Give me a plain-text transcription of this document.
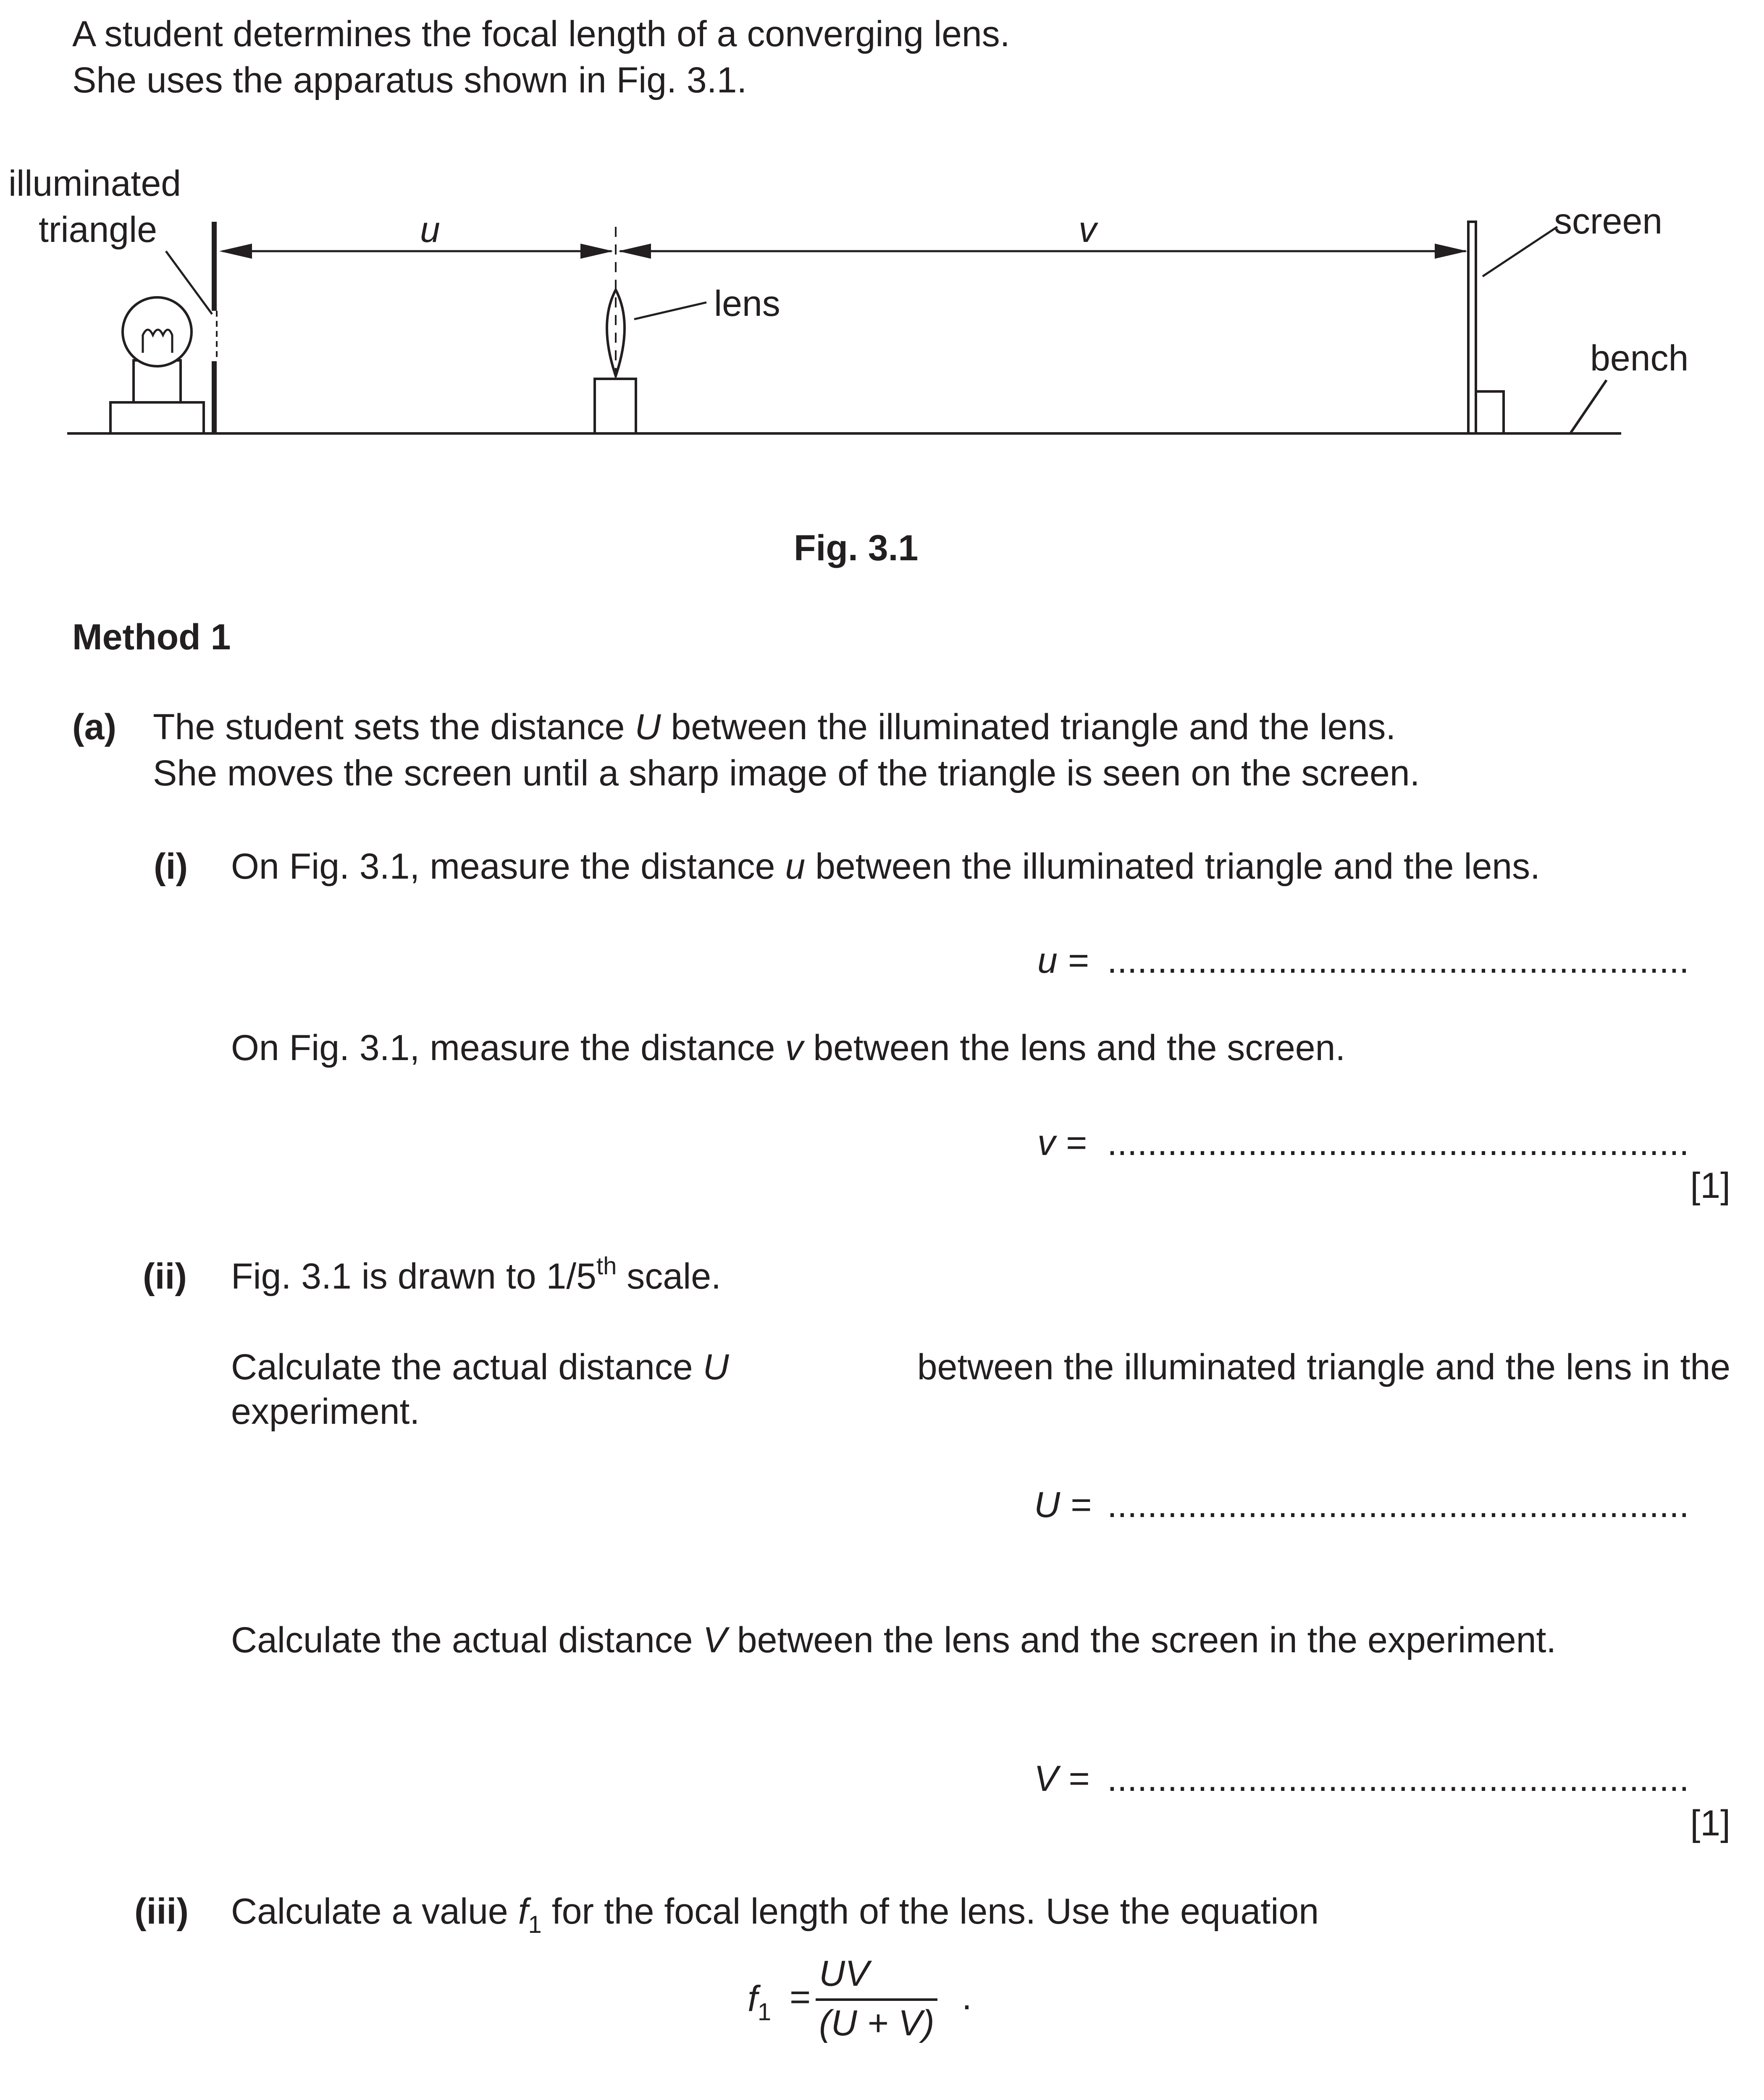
A student determines the focal length of a converging lens.
She uses the apparatus shown in Fig. 3.1.
illuminated
triangle	u	v
lens
screen
bench
Fig. 3.1
Method 1
(a) The student sets the distance U between the illuminated triangle and the lens.
She moves the screen until a sharp image of the triangle is seen on the screen.
(i) On Fig. 3.1, measure the distance u between the illuminated triangle and the lens.
u = ..........................................................
On Fig. 3.1, measure the distance v between the lens and the screen.
v = ..........................................................
[1]
(ii) Fig. 3.1 is drawn to 1/5th scale.
Calculate the actual distance U	between the illuminated triangle and the lens in the
experiment.
U = ..........................................................
Calculate the actual distance V between the lens and the screen in the experiment.
V = ..........................................................
[1]
(iii) Calculate a value $f_1$ for the focal length of the lens. Use the equation
$f_1$ =
UV
(U + V)
.
